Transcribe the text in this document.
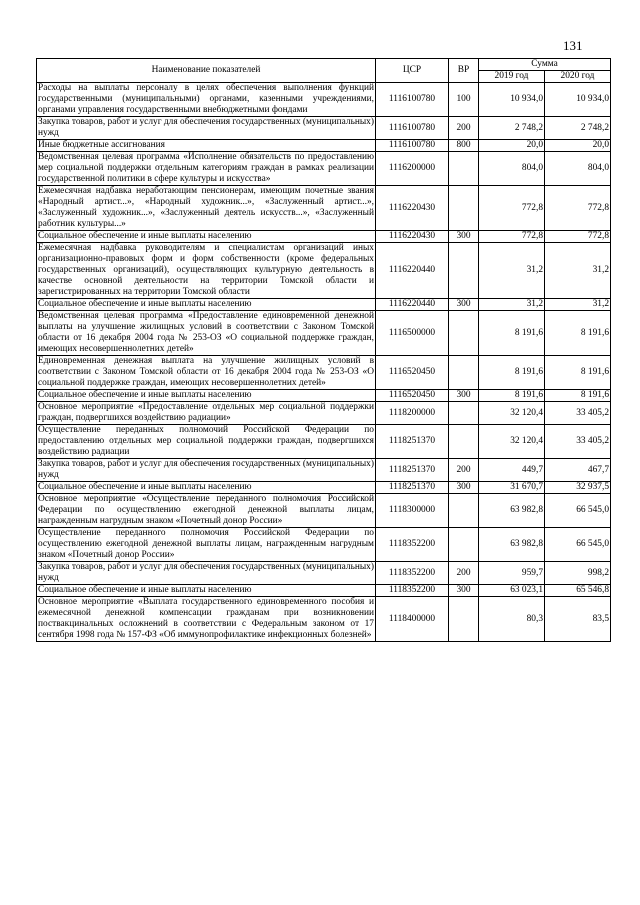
131
Наименование показателей	ЦСР	ВР	Сумма	
			2019 год	2020 год
Расходы на выплаты персоналу в целях обеспечения выполнения функций государственными (муниципальными) органами, казенными учреждениями, органами управления государственными внебюджетными фондами	1116100780	100	10 934,0	10 934,0
Закупка товаров, работ и услуг для обеспечения государственных (муниципальных) нужд	1116100780	200	2 748,2	2 748,2
Иные бюджетные ассигнования	1116100780	800	20,0	20,0
Ведомственная целевая программа «Исполнение обязательств по предоставлению мер социальной поддержки отдельным категориям граждан в рамках реализации государственной политики в сфере культуры и искусства»	1116200000		804,0	804,0
Ежемесячная надбавка неработающим пенсионерам, имеющим почетные звания «Народный артист...», «Народный художник...», «Заслуженный артист...», «Заслуженный художник...», «Заслуженный деятель искусств...», «Заслуженный работник культуры...»	1116220430		772,8	772,8
Социальное обеспечение и иные выплаты населению	1116220430	300	772,8	772,8
Ежемесячная надбавка руководителям и специалистам организаций иных организационно-правовых форм и форм собственности (кроме федеральных государственных организаций), осуществляющих культурную деятельность в качестве основной деятельности на территории Томской области и зарегистрированных на территории Томской области	1116220440		31,2	31,2
Социальное обеспечение и иные выплаты населению	1116220440	300	31,2	31,2
Ведомственная целевая программа «Предоставление единовременной денежной выплаты на улучшение жилищных условий в соответствии с Законом Томской области от 16 декабря 2004 года № 253-ОЗ «О социальной поддержке граждан, имеющих несовершеннолетних детей»	1116500000		8 191,6	8 191,6
Единовременная денежная выплата на улучшение жилищных условий в соответствии с Законом Томской области от 16 декабря 2004 года № 253-ОЗ «О социальной поддержке граждан, имеющих несовершеннолетних детей»	1116520450		8 191,6	8 191,6
Социальное обеспечение и иные выплаты населению	1116520450	300	8 191,6	8 191,6
Основное мероприятие «Предоставление отдельных мер социальной поддержки граждан, подвергшихся воздействию радиации»	1118200000		32 120,4	33 405,2
Осуществление переданных полномочий Российской Федерации по предоставлению отдельных мер социальной поддержки граждан, подвергшихся воздействию радиации	1118251370		32 120,4	33 405,2
Закупка товаров, работ и услуг для обеспечения государственных (муниципальных) нужд	1118251370	200	449,7	467,7
Социальное обеспечение и иные выплаты населению	1118251370	300	31 670,7	32 937,5
Основное мероприятие «Осуществление переданного полномочия Российской Федерации по осуществлению ежегодной денежной выплаты лицам, награжденным нагрудным знаком «Почетный донор России»	1118300000		63 982,8	66 545,0
Осуществление переданного полномочия Российской Федерации по осуществлению ежегодной денежной выплаты лицам, награжденным нагрудным знаком «Почетный донор России»	1118352200		63 982,8	66 545,0
Закупка товаров, работ и услуг для обеспечения государственных (муниципальных) нужд	1118352200	200	959,7	998,2
Социальное обеспечение и иные выплаты населению	1118352200	300	63 023,1	65 546,8
Основное мероприятие «Выплата государственного единовременного пособия и ежемесячной денежной компенсации гражданам при возникновении поствакцинальных осложнений в соответствии с Федеральным законом от 17 сентября 1998 года № 157-ФЗ «Об иммунопрофилактике инфекционных болезней»	1118400000		80,3	83,5
